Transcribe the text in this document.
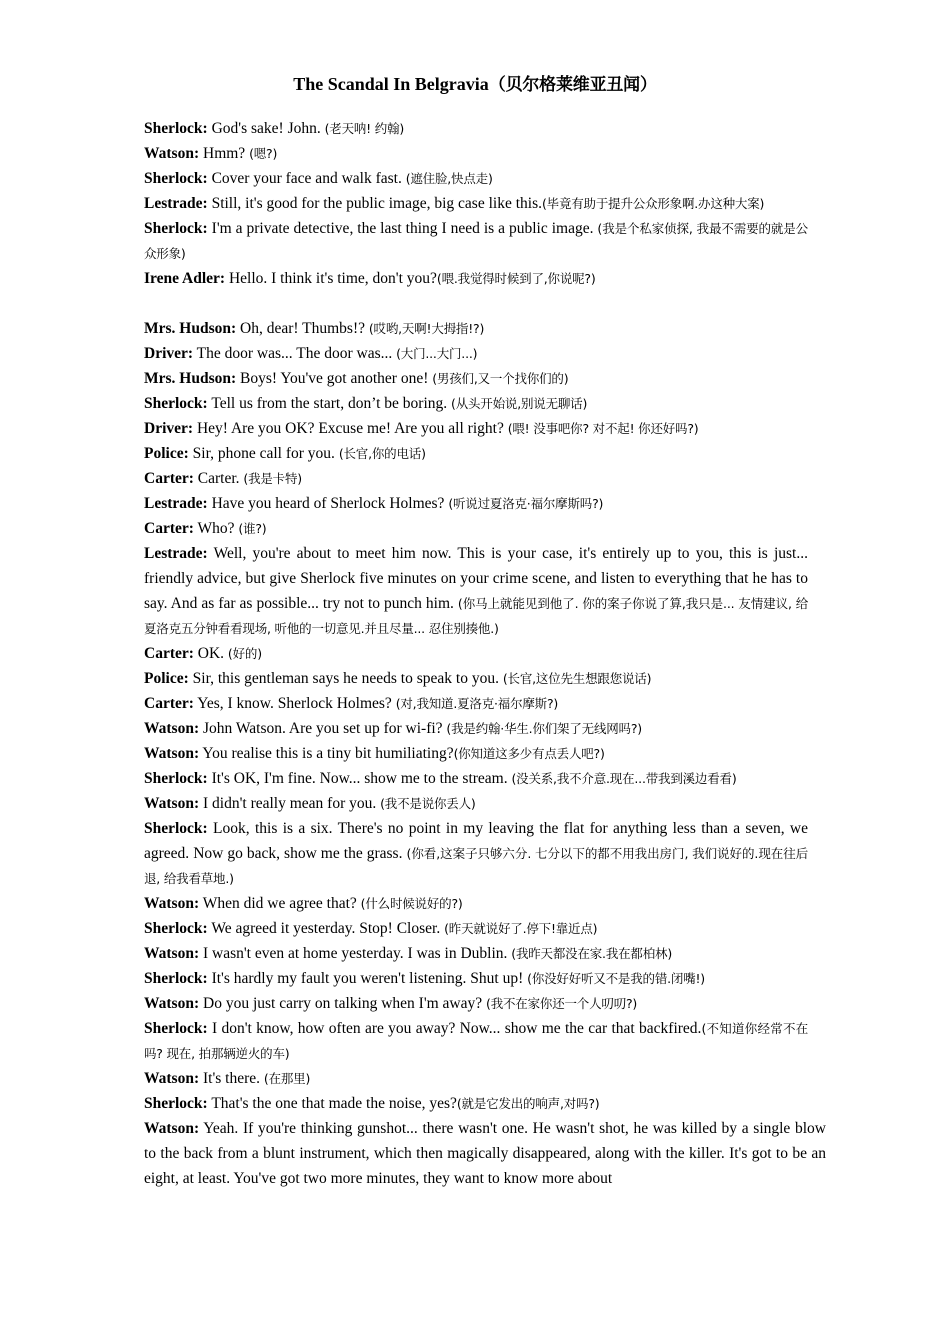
The Scandal In Belgravia（贝尔格莱维亚丑闻）

Sherlock: God's sake! John. (老天呐! 约翰)

Watson: Hmm? (嗯?)

Sherlock: Cover your face and walk fast. (遮住脸,快点走)

Lestrade: Still, it's good for the public image, big case like this.(毕竟有助于提升公众形象啊.办这种大案)

Sherlock: I'm a private detective, the last thing I need is a public image. (我是个私家侦探, 我最不需要的就是公众形象)

Irene Adler: Hello. I think it's time, don't you?(喂.我觉得时候到了,你说呢?)

Mrs. Hudson: Oh, dear! Thumbs!? (哎哟,天啊!大拇指!?)

Driver: The door was... The door was... (大门...大门...)

Mrs. Hudson: Boys! You've got another one! (男孩们,又一个找你们的)

Sherlock: Tell us from the start, don’t be boring. (从头开始说,别说无聊话)

Driver: Hey! Are you OK? Excuse me! Are you all right? (喂! 没事吧你? 对不起! 你还好吗?)

Police: Sir, phone call for you. (长官,你的电话)

Carter: Carter. (我是卡特)

Lestrade: Have you heard of Sherlock Holmes? (听说过夏洛克·福尔摩斯吗?)

Carter: Who? (谁?)

Lestrade: Well, you're about to meet him now. This is your case, it's entirely up to you, this is just... friendly advice, but give Sherlock five minutes on your crime scene, and listen to everything that he has to say. And as far as possible... try not to punch him. (你马上就能见到他了. 你的案子你说了算,我只是... 友情建议, 给夏洛克五分钟看看现场, 听他的一切意见.并且尽量... 忍住别揍他.)

Carter: OK. (好的)

Police: Sir, this gentleman says he needs to speak to you. (长官,这位先生想跟您说话)

Carter: Yes, I know. Sherlock Holmes? (对,我知道.夏洛克·福尔摩斯?)

Watson: John Watson. Are you set up for wi-fi? (我是约翰·华生.你们架了无线网吗?)

Watson: You realise this is a tiny bit humiliating?(你知道这多少有点丢人吧?)

Sherlock: It's OK, I'm fine. Now... show me to the stream. (没关系,我不介意.现在...带我到溪边看看)

Watson: I didn't really mean for you. (我不是说你丢人)

Sherlock: Look, this is a six. There's no point in my leaving the flat for anything less than a seven, we agreed. Now go back, show me the grass. (你看,这案子只够六分. 七分以下的都不用我出房门, 我们说好的.现在往后退, 给我看草地.)

Watson: When did we agree that? (什么时候说好的?)

Sherlock: We agreed it yesterday. Stop! Closer. (昨天就说好了.停下!靠近点)

Watson: I wasn't even at home yesterday. I was in Dublin. (我昨天都没在家.我在都柏林)

Sherlock: It's hardly my fault you weren't listening. Shut up! (你没好好听又不是我的错.闭嘴!)

Watson: Do you just carry on talking when I'm away? (我不在家你还一个人叨叨?)

Sherlock: I don't know, how often are you away? Now... show me the car that backfired.(不知道你经常不在吗? 现在, 拍那辆逆火的车)

Watson: It's there. (在那里)

Sherlock: That's the one that made the noise, yes?(就是它发出的响声,对吗?)

Watson: Yeah. If you're thinking gunshot... there wasn't one. He wasn't shot, he was killed by a single blow to the back from a blunt instrument, which then magically disappeared, along with the killer. It's got to be an eight, at least. You've got two more minutes, they want to know more about
